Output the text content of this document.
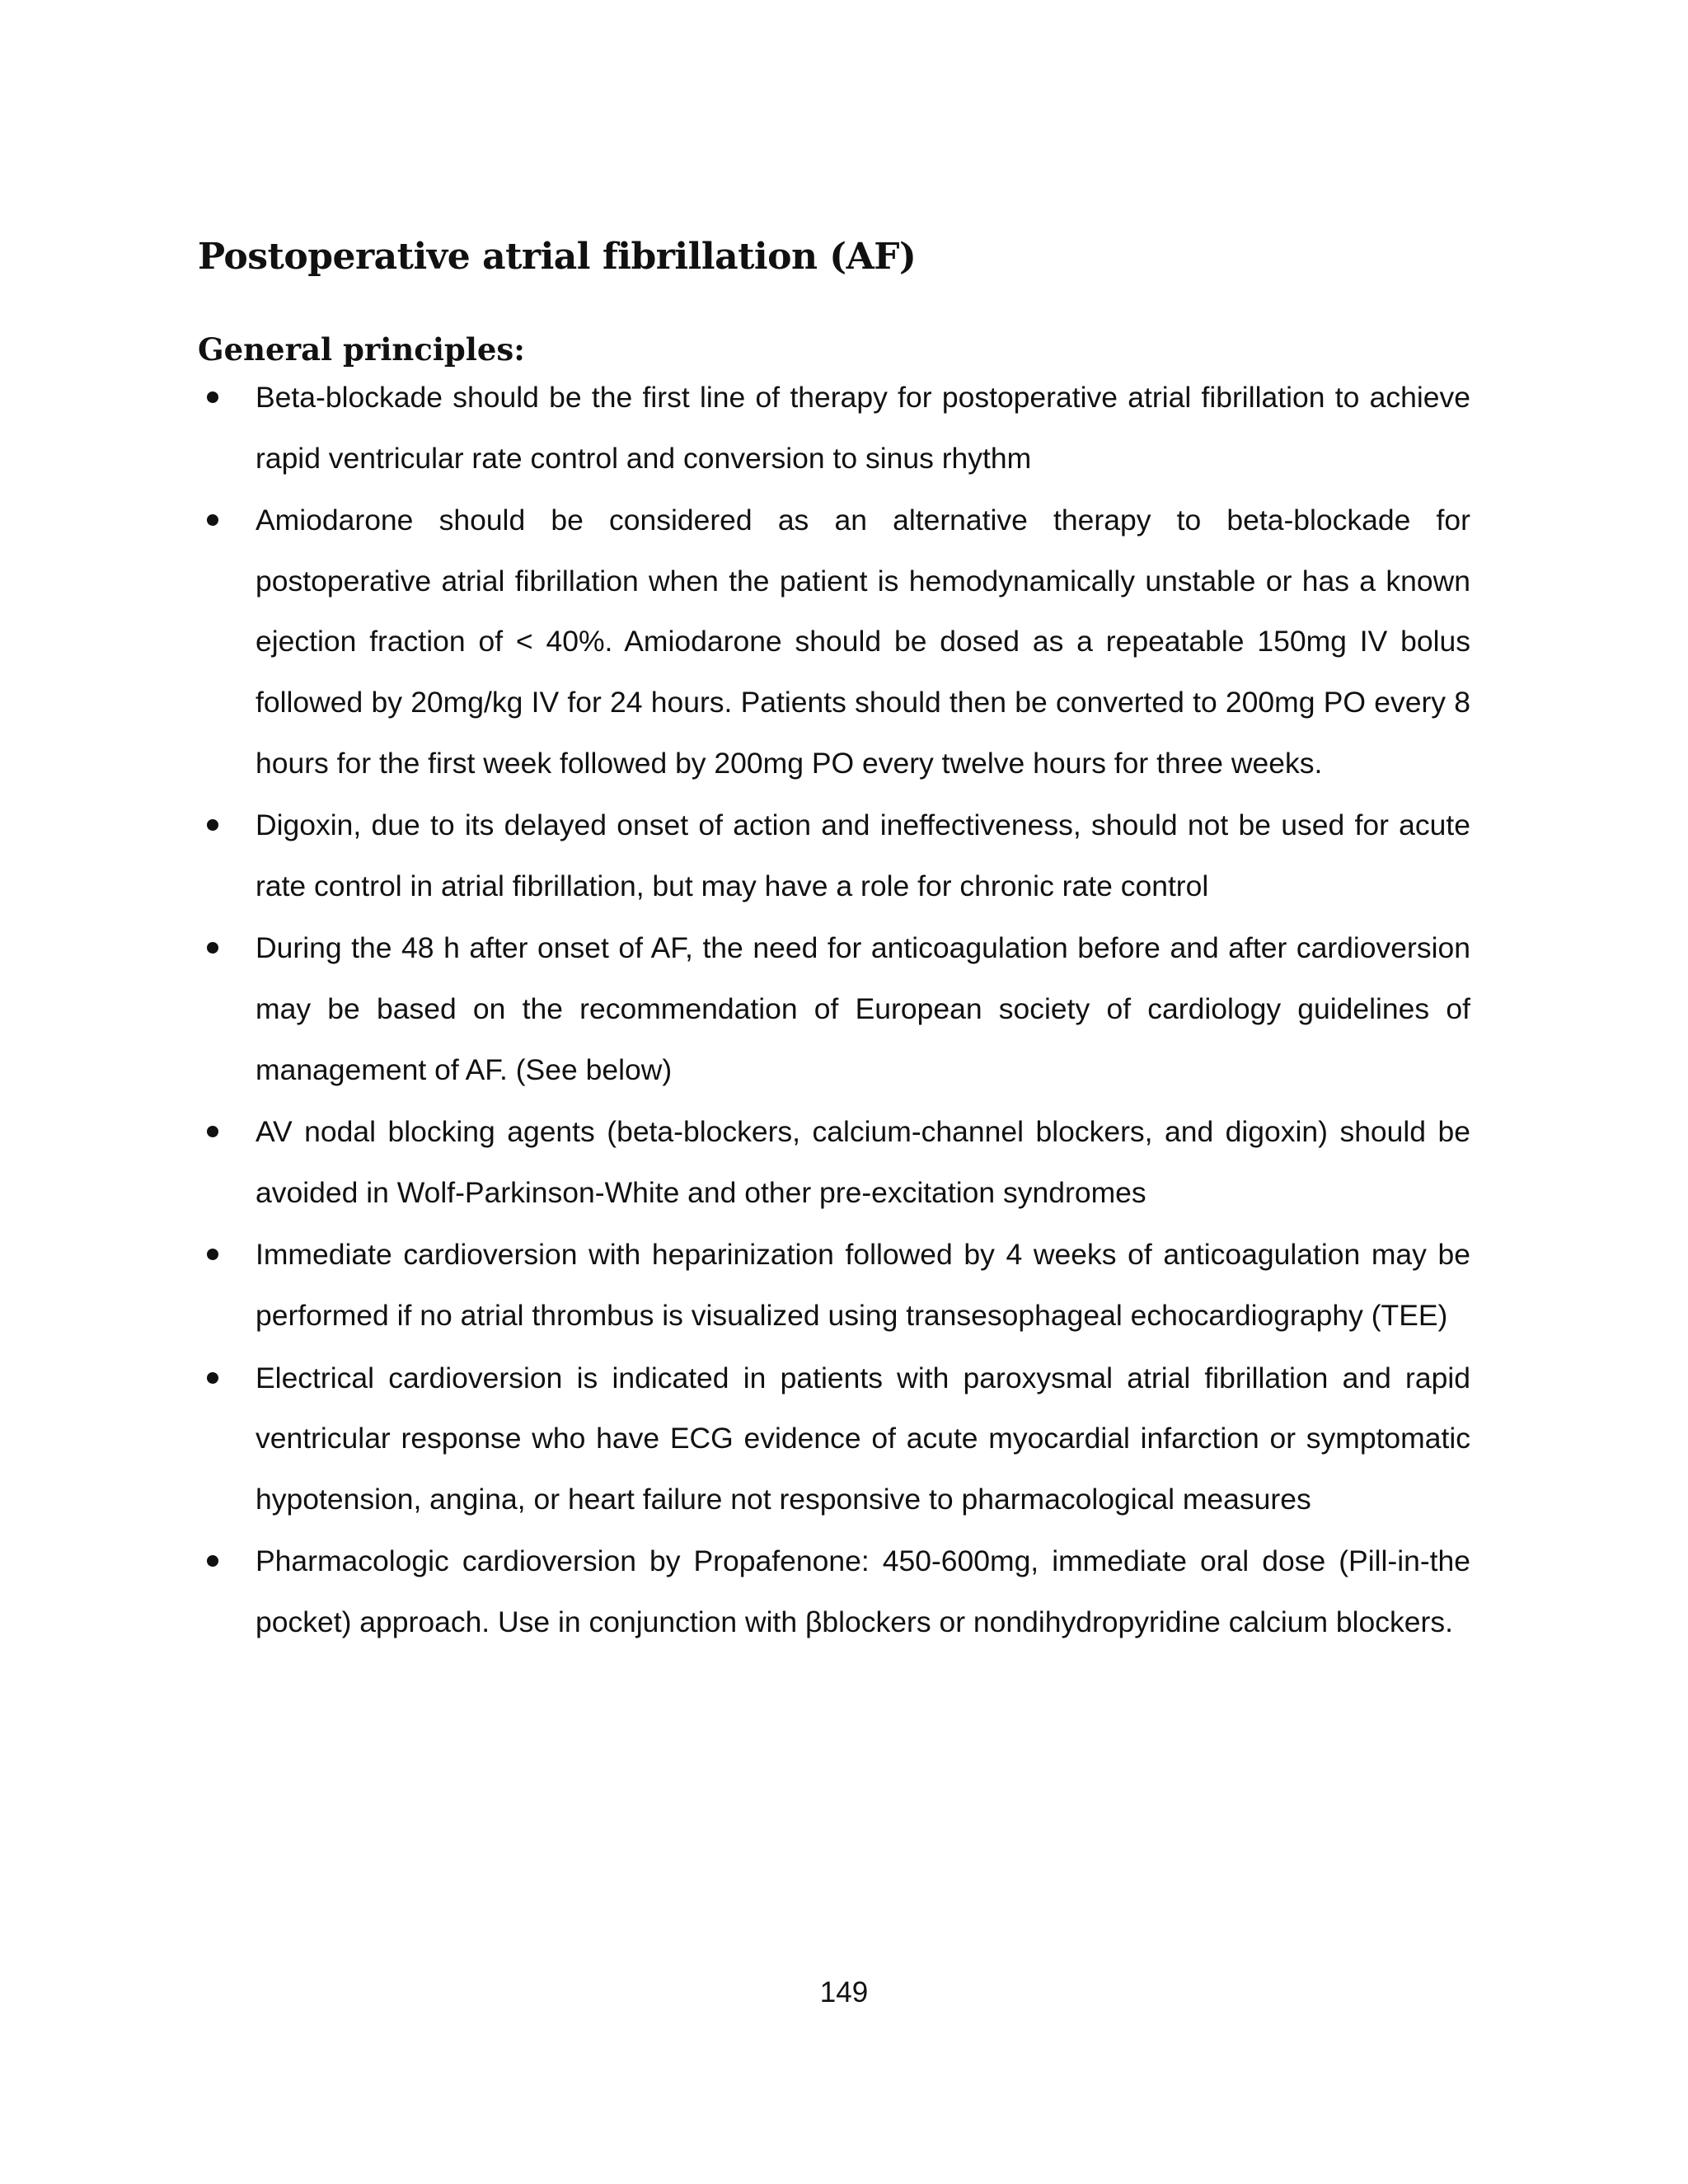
Postoperative atrial fibrillation (AF)
General principles:
Beta-blockade should be the first line of therapy for postoperative atrial fibrillation to achieve rapid ventricular rate control and conversion to sinus rhythm
Amiodarone should be considered as an alternative therapy to beta-blockade for postoperative atrial fibrillation when the patient is hemodynamically unstable or has a known ejection fraction of < 40%. Amiodarone should be dosed as a repeatable 150mg IV bolus followed by 20mg/kg IV for 24 hours. Patients should then be converted to 200mg PO every 8 hours for the first week followed by 200mg PO every twelve hours for three weeks.
Digoxin, due to its delayed onset of action and ineffectiveness, should not be used for acute rate control in atrial fibrillation, but may have a role for chronic rate control
During the 48 h after onset of AF, the need for anticoagulation before and after cardioversion may be based on the recommendation of European society of cardiology guidelines of management of AF. (See below)
AV nodal blocking agents (beta-blockers, calcium-channel blockers, and digoxin) should be avoided in Wolf-Parkinson-White and other pre-excitation syndromes
Immediate cardioversion with heparinization followed by 4 weeks of anticoagulation may be performed if no atrial thrombus is visualized using transesophageal echocardiography (TEE)
Electrical cardioversion is indicated in patients with paroxysmal atrial fibrillation and rapid ventricular response who have ECG evidence of acute myocardial infarction or symptomatic hypotension, angina, or heart failure not responsive to pharmacological measures
Pharmacologic cardioversion by Propafenone: 450-600mg, immediate oral dose (Pill-in-the pocket) approach. Use in conjunction with βblockers or nondihydropyridine calcium blockers.
149
